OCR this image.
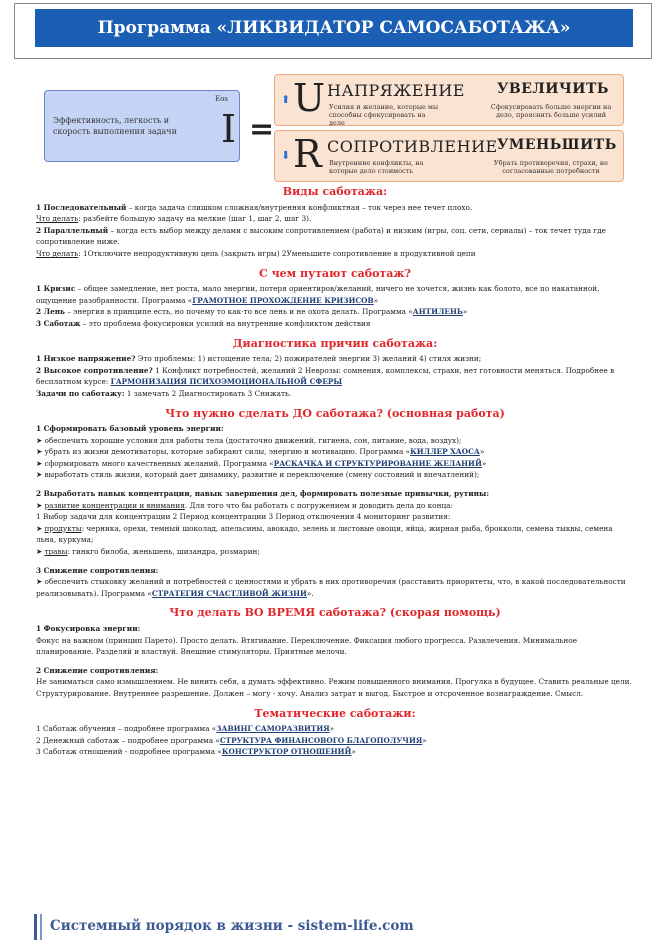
Программа «ЛИКВИДАТОР САМОСАБОТАЖА»
Эффективность, легкость и скорость выполнения задачи
Eos
I =
⬆ U НАПРЯЖЕНИЕ
Усилия и желание, которые мы способны сфокусировать на деле
УВЕЛИЧИТЬ
Сфокусировать больше энергии на дело, прояснить больше усилий
⬇ R СОПРОТИВЛЕНИЕ
Внутренние конфликты, на которые дело стоимость
УМЕНЬШИТЬ
Убрать противоречия, страхи, не согласованные потребности
Виды саботажа:

1 Последовательный – когда задача слишком сложная/внутренняя конфликтная – ток через нее течет плохо.

Что делать: разбейте большую задачу на мелкие (шаг 1, шаг 2, шаг 3).

2 Параллельный – когда есть выбор между делами с высоким сопротивлением (работа) и низким (игры, соц. сети, сериалы) – ток течет туда где сопротивление ниже.

Что делать: 1Отключите непродуктивную цепь (закрыть игры) 2Уменьшите сопротивление в продуктивной цепи

С чем путают саботаж?

1 Кризис – общее замедление, нет роста, мало энергии, потеря ориентиров/желаний, ничего не хочется, жизнь как болото, все по накатанной, ощущение разобранности. Программа «ГРАМОТНОЕ ПРОХОЖДЕНИЕ КРИЗИСОВ»

2 Лень – энергия в принципе есть, но почему то как-то все лень и не охота делать. Программа «АНТИЛЕНЬ»

3 Саботаж – это проблема фокусировки усилий на внутренние конфликтом действия

Диагностика причин саботажа:

1 Низкое напряжение? Это проблемы: 1) истощение тела; 2) пожирателей энергии 3) желаний 4) стиля жизни;

2 Высокое сопротивление? 1 Конфликт потребностей, желаний 2 Неврозы: сомнения, комплексы, страхи, нет готовности меняться. Подробнее в бесплатном курсе: ГАРМОНИЗАЦИЯ ПСИХОЭМОЦИОНАЛЬНОЙ СФЕРЫ

Задачи по саботажу: 1 замечать 2 Диагностировать 3 Снижать.

Что нужно сделать ДО саботажа? (основная работа)

1 Сформировать базовый уровень энергии:

➤ обеспечить хорошие условия для работы тела (достаточно движений, гигиена, сон, питание, вода, воздух);

➤ убрать из жизни демотиваторы, которые забирают силы, энергию и мотивацию. Программа «КИЛЛЕР ХАОСА»

➤ сформировать много качественных желаний. Программа «РАСКАЧКА И СТРУКТУРИРОВАНИЕ ЖЕЛАНИЙ»

➤ выработать стиль жизни, который дает динамику, развитие и переключение (смену состояний и впечатлений);

2 Выработать навык концентрации, навык завершения дел, формировать полезные привычки, рутины:

➤ развитие концентрации и внимания. Для того что бы работать с погружением и доводить дела до конца:

1 Выбор задачи для концентрации 2 Период концентрации 3 Период отключения 4 мониторинг развития:

➤ продукты: черника, орехи, темный шоколад, апельсины, авокадо, зелень и листовые овощи, яйца, жирная рыба, брокколи, семена тыквы, семена льна, куркума;

➤ травы: гинкго билоба, женьшень, шизандра, розмарин;

3 Снижение сопротивления:

➤ обеспечить стыковку желаний и потребностей с ценностями и убрать в них противоречия (расставить приоритеты, что, в какой последовательности реализовывать). Программа «СТРАТЕГИЯ СЧАСТЛИВОЙ ЖИЗНИ».

Что делать ВО ВРЕМЯ саботажа? (скорая помощь)

1 Фокусировка энергии:

Фокус на важном (принцип Парето). Просто делать. Втягивание. Переключение. Фиксация любого прогресса. Развлечения. Минимальное планирование. Разделяй и властвуй. Внешние стимуляторы. Приятные мелочи.

2 Снижение сопротивления:

Не заниматься само измышлением. Не винить себя, а думать эффективно. Режим повышенного внимания. Прогулка в будущее. Ставить реальные цели. Структурирование. Внутреннее разрешение. Должен – могу - хочу. Анализ затрат и выгод. Быстрое и отсроченное вознаграждение. Смысл.

Тематические саботажи:

1 Саботаж обучения – подробнее программа «ЗАВИНГ САМОРАЗВИТИЯ»

2 Денежный саботаж – подробнее программа «СТРУКТУРА ФИНАНСОВОГО БЛАГОПОЛУЧИЯ»

3 Саботаж отношений - подробнее программа «КОНСТРУКТОР ОТНОШЕНИЙ»

Системный порядок в жизни - sistem-life.com
